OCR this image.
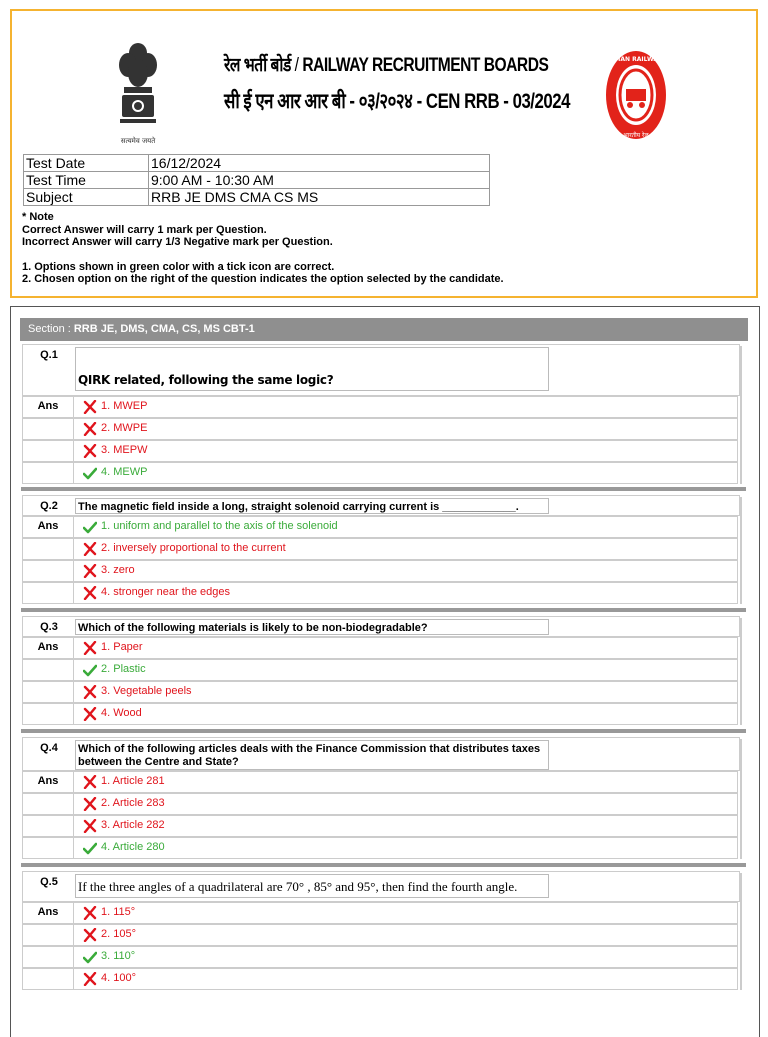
सत्यमेव जयते
रेल भर्ती बोर्ड / RAILWAY RECRUITMENT BOARDS
सी ई एन आर आर बी - ०३/२०२४ - CEN RRB - 03/2024
INDIAN RAILWAYS
भारतीय रेल
Test Date	16/12/2024
Test Time	9:00 AM - 10:30 AM
Subject	RRB JE DMS CMA CS MS
* Note
Correct Answer will carry 1 mark per Question.
Incorrect Answer will carry 1/3 Negative mark per Question.
1. Options shown in green color with a tick icon are correct.
2. Chosen option on the right of the question indicates the option selected by the candidate.
Section : RRB JE, DMS, CMA, CS, MS CBT-1
Q.1
QIRK related, following the same logic?
Ans	1. MWEP
2. MWPE
3. MEPW
4. MEWP
Q.2	The magnetic field inside a long, straight solenoid carrying current is ____________.
Ans	1. uniform and parallel to the axis of the solenoid
2. inversely proportional to the current
3. zero
4. stronger near the edges
Q.3	Which of the following materials is likely to be non-biodegradable?
Ans	1. Paper
2. Plastic
3. Vegetable peels
4. Wood
Q.4	Which of the following articles deals with the Finance Commission that distributes taxes between the Centre and State?
Ans	1. Article 281
2. Article 283
3. Article 282
4. Article 280
Q.5	If the three angles of a quadrilateral are 70° , 85° and 95°, then find the fourth angle.
Ans	1. 115°
2. 105°
3. 110°
4. 100°
